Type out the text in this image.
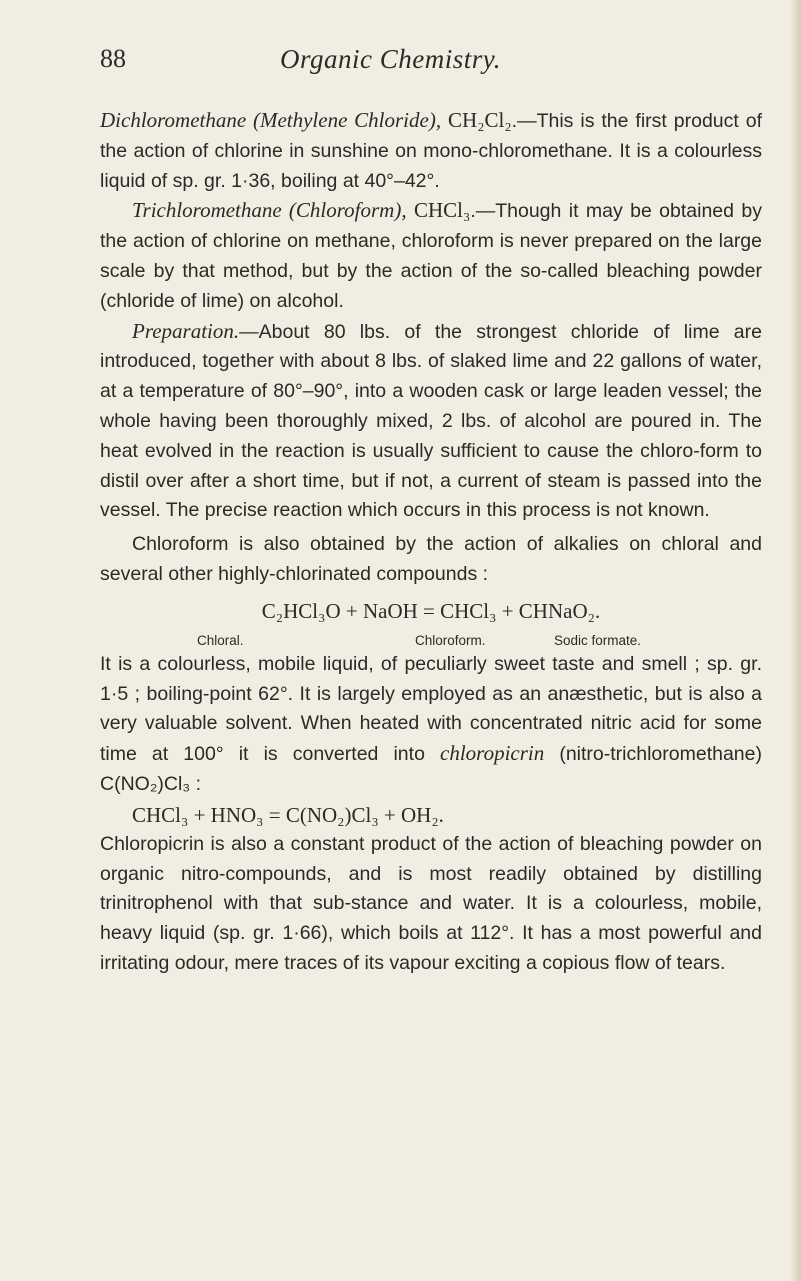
88	Organic Chemistry.

Dichloromethane (Methylene Chloride), CH₂Cl₂.—This is the first product of the action of chlorine in sunshine on mono-chloromethane. It is a colourless liquid of sp. gr. 1·36, boiling at 40°–42°.

Trichloromethane (Chloroform), CHCl₃.—Though it may be obtained by the action of chlorine on methane, chloroform is never prepared on the large scale by that method, but by the action of the so-called bleaching powder (chloride of lime) on alcohol.

Preparation.—About 80 lbs. of the strongest chloride of lime are introduced, together with about 8 lbs. of slaked lime and 22 gallons of water, at a temperature of 80°–90°, into a wooden cask or large leaden vessel; the whole having been thoroughly mixed, 2 lbs. of alcohol are poured in. The heat evolved in the reaction is usually sufficient to cause the chloro-form to distil over after a short time, but if not, a current of steam is passed into the vessel. The precise reaction which occurs in this process is not known.

Chloroform is also obtained by the action of alkalies on chloral and several other highly-chlorinated compounds :

C₂HCl₃O + NaOH = CHCl₃ + CHNaO₂.
Chloral.	Chloroform.	Sodic formate.

It is a colourless, mobile liquid, of peculiarly sweet taste and smell ; sp. gr. 1·5 ; boiling-point 62°. It is largely employed as an anæsthetic, but is also a very valuable solvent. When heated with concentrated nitric acid for some time at 100° it is converted into chloropicrin (nitro-trichloromethane) C(NO₂)Cl₃ :

CHCl₃ + HNO₃ = C(NO₂)Cl₃ + OH₂.

Chloropicrin is also a constant product of the action of bleaching powder on organic nitro-compounds, and is most readily obtained by distilling trinitrophenol with that sub-stance and water. It is a colourless, mobile, heavy liquid (sp. gr. 1·66), which boils at 112°. It has a most powerful and irritating odour, mere traces of its vapour exciting a copious flow of tears.
